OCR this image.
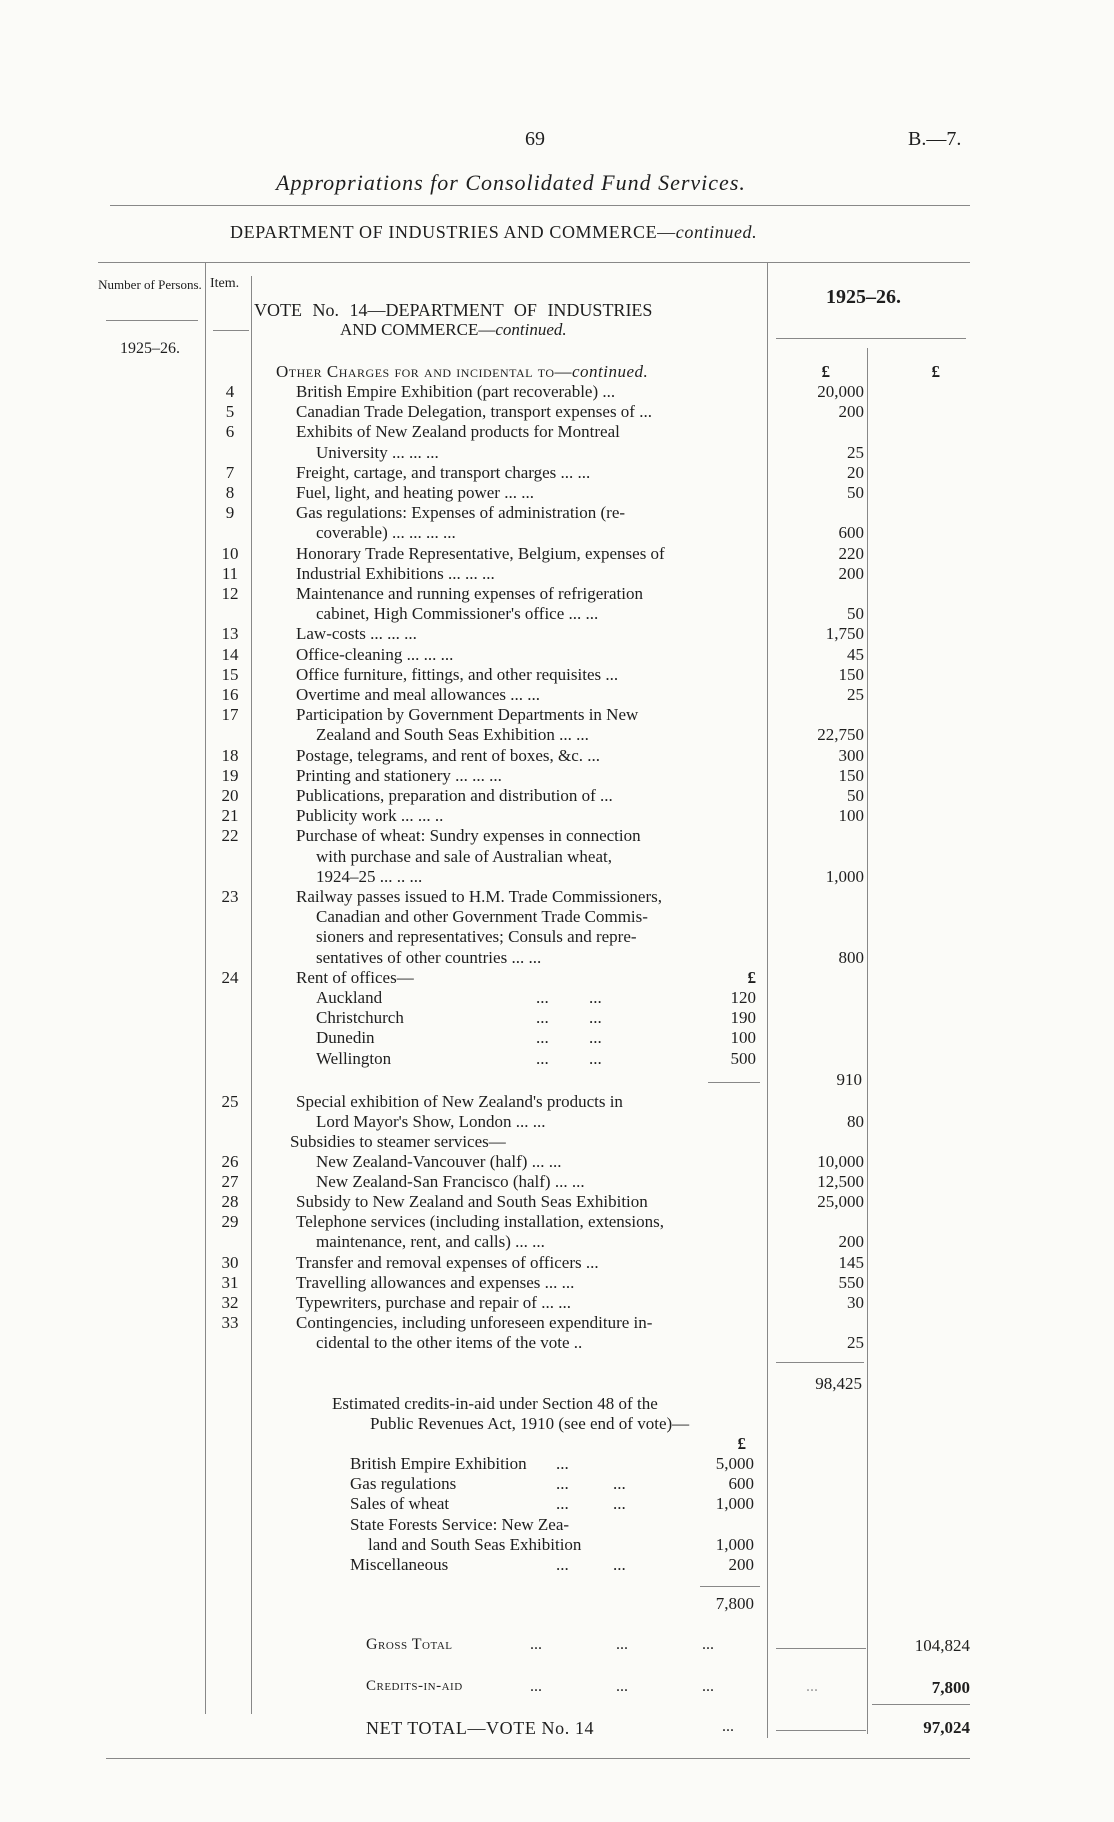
69	B.—7.
Appropriations for Consolidated Fund Services.
DEPARTMENT OF INDUSTRIES AND COMMERCE—continued.
Number of Persons. Item.
VOTE No. 14—DEPARTMENT OF INDUSTRIES
AND COMMERCE—continued.
1925–26.
1925–26.
Other Charges for and incidental to—continued.	£	£
4	British Empire Exhibition (part recoverable) ...	20,000
5	Canadian Trade Delegation, transport expenses of ...	200
6	Exhibits of New Zealand products for Montreal
University ... ... ...	25
7	Freight, cartage, and transport charges ... ...	20
8	Fuel, light, and heating power ... ...	50
9	Gas regulations: Expenses of administration (re-
coverable) ... ... ... ...	600
10	Honorary Trade Representative, Belgium, expenses of	220
11	Industrial Exhibitions ... ... ...	200
12	Maintenance and running expenses of refrigeration
cabinet, High Commissioner's office ... ...	50
13	Law-costs ... ... ...	1,750
14	Office-cleaning ... ... ...	45
15	Office furniture, fittings, and other requisites ...	150
16	Overtime and meal allowances ... ...	25
17	Participation by Government Departments in New
Zealand and South Seas Exhibition ... ...	22,750
18	Postage, telegrams, and rent of boxes, &c. ...	300
19	Printing and stationery ... ... ...	150
20	Publications, preparation and distribution of ...	50
21	Publicity work ... ... ..	100
22	Purchase of wheat: Sundry expenses in connection
with purchase and sale of Australian wheat,
1924–25 ... .. ...	1,000
23	Railway passes issued to H.M. Trade Commissioners,
Canadian and other Government Trade Commis-
sioners and representatives; Consuls and repre-
sentatives of other countries ... ...	800
24	Rent of offices—	£
Auckland	... ...	120
Christchurch	... ...	190
Dunedin	... ...	100
Wellington	... ...	500
910
25	Special exhibition of New Zealand's products in
Lord Mayor's Show, London ... ...	80
Subsidies to steamer services—
26	New Zealand-Vancouver (half) ... ...	10,000
27	New Zealand-San Francisco (half) ... ...	12,500
28	Subsidy to New Zealand and South Seas Exhibition	25,000
29	Telephone services (including installation, extensions,
maintenance, rent, and calls) ... ...	200
30	Transfer and removal expenses of officers ...	145
31	Travelling allowances and expenses ... ...	550
32	Typewriters, purchase and repair of ... ...	30
33	Contingencies, including unforeseen expenditure in-
cidental to the other items of the vote ..	25
98,425
Estimated credits-in-aid under Section 48 of the
Public Revenues Act, 1910 (see end of vote)—
£
British Empire Exhibition ...	5,000
Gas regulations	... ...	600
Sales of wheat	... ...	1,000
State Forests Service: New Zea-
land and South Seas Exhibition	1,000
Miscellaneous	... ...	200
7,800
Gross Total	... ... ...	104,824
Credits-in-aid	... ... ...	...	7,800
NET TOTAL—VOTE No. 14	...	97,024
